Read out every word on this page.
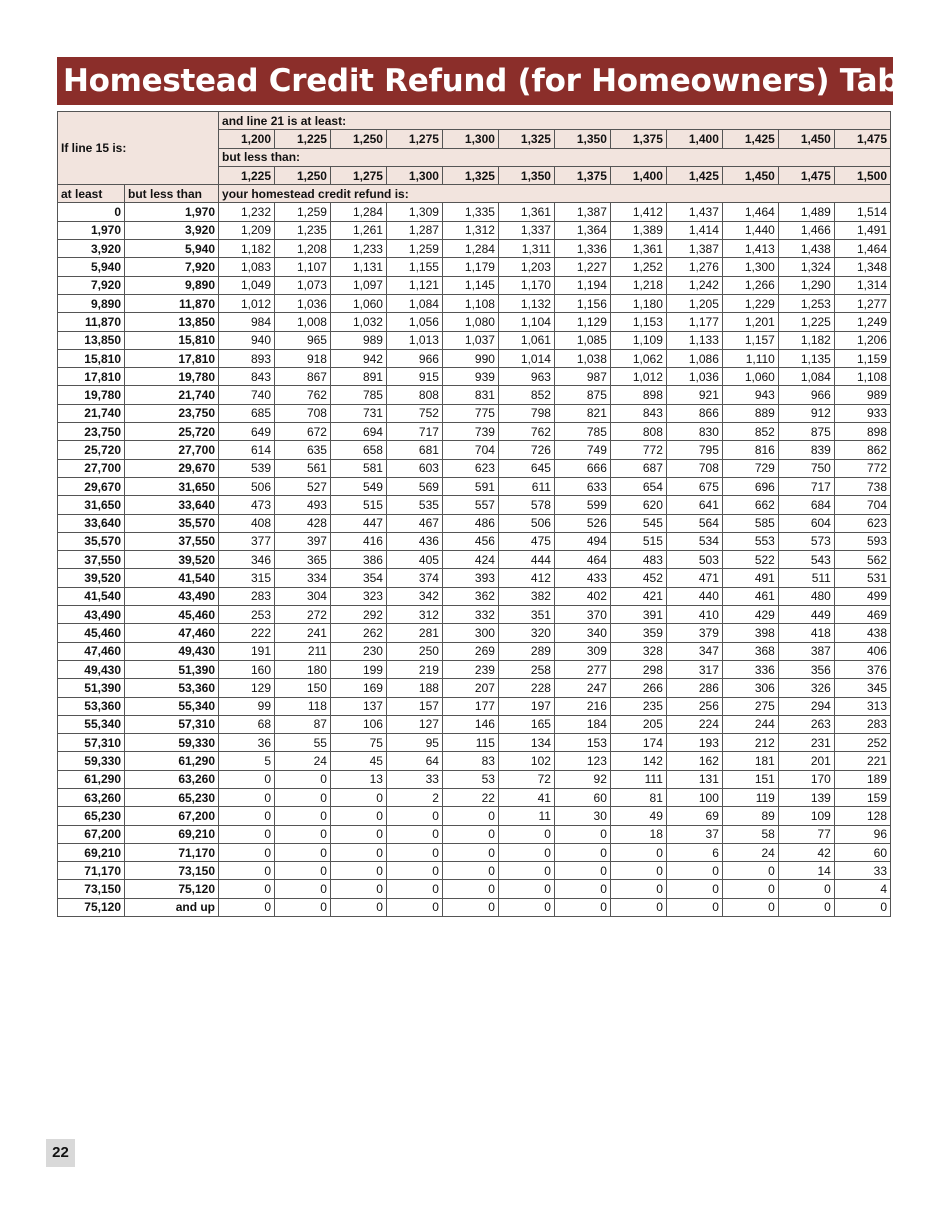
Homestead Credit Refund (for Homeowners) Table
If line 15 is:		and line 21 is at least:											
		1,200	1,225	1,250	1,275	1,300	1,325	1,350	1,375	1,400	1,425	1,450	1,475
		but less than:											
		1,225	1,250	1,275	1,300	1,325	1,350	1,375	1,400	1,425	1,450	1,475	1,500
at least	but less than	your homestead credit refund is:											
0	1,970	1,232	1,259	1,284	1,309	1,335	1,361	1,387	1,412	1,437	1,464	1,489	1,514
1,970	3,920	1,209	1,235	1,261	1,287	1,312	1,337	1,364	1,389	1,414	1,440	1,466	1,491
3,920	5,940	1,182	1,208	1,233	1,259	1,284	1,311	1,336	1,361	1,387	1,413	1,438	1,464
5,940	7,920	1,083	1,107	1,131	1,155	1,179	1,203	1,227	1,252	1,276	1,300	1,324	1,348
7,920	9,890	1,049	1,073	1,097	1,121	1,145	1,170	1,194	1,218	1,242	1,266	1,290	1,314
9,890	11,870	1,012	1,036	1,060	1,084	1,108	1,132	1,156	1,180	1,205	1,229	1,253	1,277
11,870	13,850	984	1,008	1,032	1,056	1,080	1,104	1,129	1,153	1,177	1,201	1,225	1,249
13,850	15,810	940	965	989	1,013	1,037	1,061	1,085	1,109	1,133	1,157	1,182	1,206
15,810	17,810	893	918	942	966	990	1,014	1,038	1,062	1,086	1,110	1,135	1,159
17,810	19,780	843	867	891	915	939	963	987	1,012	1,036	1,060	1,084	1,108
19,780	21,740	740	762	785	808	831	852	875	898	921	943	966	989
21,740	23,750	685	708	731	752	775	798	821	843	866	889	912	933
23,750	25,720	649	672	694	717	739	762	785	808	830	852	875	898
25,720	27,700	614	635	658	681	704	726	749	772	795	816	839	862
27,700	29,670	539	561	581	603	623	645	666	687	708	729	750	772
29,670	31,650	506	527	549	569	591	611	633	654	675	696	717	738
31,650	33,640	473	493	515	535	557	578	599	620	641	662	684	704
33,640	35,570	408	428	447	467	486	506	526	545	564	585	604	623
35,570	37,550	377	397	416	436	456	475	494	515	534	553	573	593
37,550	39,520	346	365	386	405	424	444	464	483	503	522	543	562
39,520	41,540	315	334	354	374	393	412	433	452	471	491	511	531
41,540	43,490	283	304	323	342	362	382	402	421	440	461	480	499
43,490	45,460	253	272	292	312	332	351	370	391	410	429	449	469
45,460	47,460	222	241	262	281	300	320	340	359	379	398	418	438
47,460	49,430	191	211	230	250	269	289	309	328	347	368	387	406
49,430	51,390	160	180	199	219	239	258	277	298	317	336	356	376
51,390	53,360	129	150	169	188	207	228	247	266	286	306	326	345
53,360	55,340	99	118	137	157	177	197	216	235	256	275	294	313
55,340	57,310	68	87	106	127	146	165	184	205	224	244	263	283
57,310	59,330	36	55	75	95	115	134	153	174	193	212	231	252
59,330	61,290	5	24	45	64	83	102	123	142	162	181	201	221
61,290	63,260	0	0	13	33	53	72	92	111	131	151	170	189
63,260	65,230	0	0	0	2	22	41	60	81	100	119	139	159
65,230	67,200	0	0	0	0	0	11	30	49	69	89	109	128
67,200	69,210	0	0	0	0	0	0	0	18	37	58	77	96
69,210	71,170	0	0	0	0	0	0	0	0	6	24	42	60
71,170	73,150	0	0	0	0	0	0	0	0	0	0	14	33
73,150	75,120	0	0	0	0	0	0	0	0	0	0	0	4
75,120	and up	0	0	0	0	0	0	0	0	0	0	0	0
22
